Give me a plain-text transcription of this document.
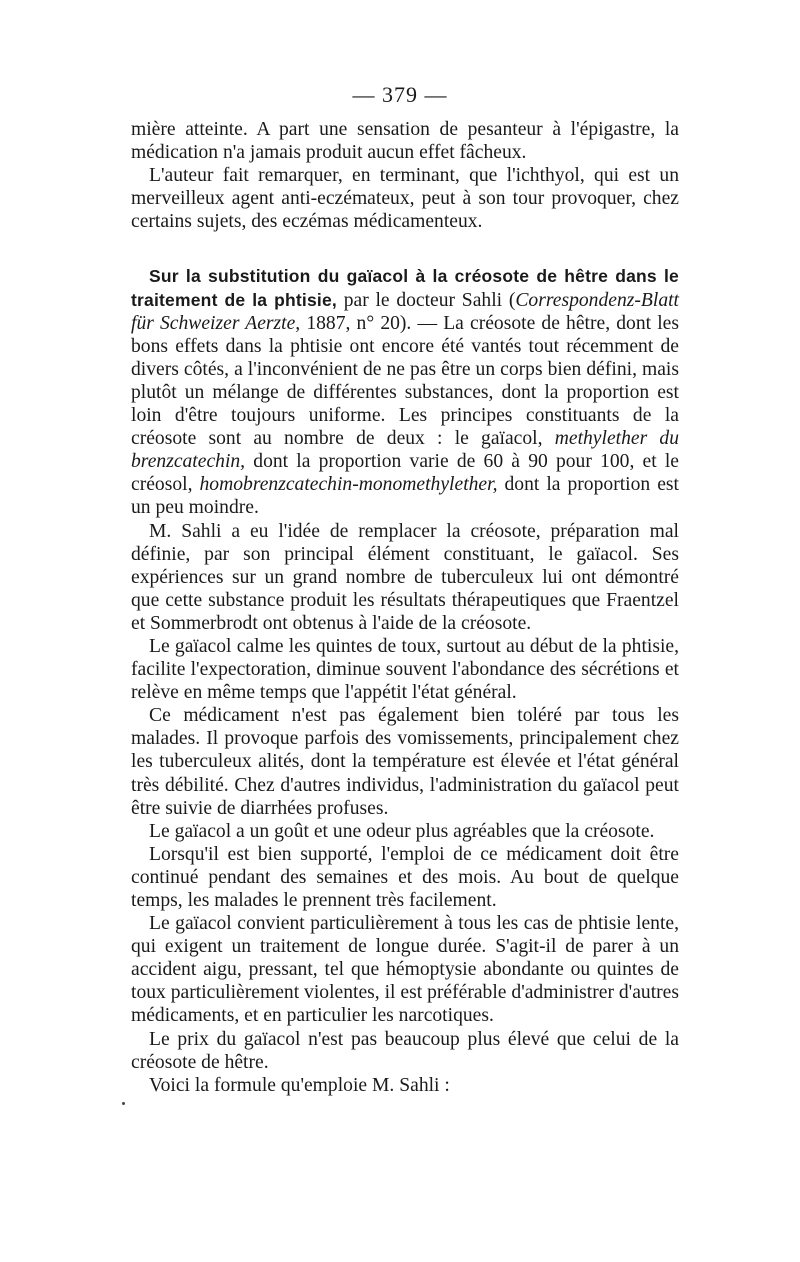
— 379 —

mière atteinte. A part une sensation de pesanteur à l'épigastre, la médication n'a jamais produit aucun effet fâcheux.

L'auteur fait remarquer, en terminant, que l'ichthyol, qui est un merveilleux agent anti-eczémateux, peut à son tour provoquer, chez certains sujets, des eczémas médicamenteux.

Sur la substitution du gaïacol à la créosote de hêtre dans le traitement de la phtisie, par le docteur Sahli (Correspondenz-Blatt für Schweizer Aerzte, 1887, n° 20). — La créosote de hêtre, dont les bons effets dans la phtisie ont encore été vantés tout récemment de divers côtés, a l'inconvénient de ne pas être un corps bien défini, mais plutôt un mélange de différentes substances, dont la proportion est loin d'être toujours uniforme. Les principes constituants de la créosote sont au nombre de deux : le gaïacol, methylether du brenzcatechin, dont la proportion varie de 60 à 90 pour 100, et le créosol, homobrenzcatechin-monomethylether, dont la proportion est un peu moindre.

M. Sahli a eu l'idée de remplacer la créosote, préparation mal définie, par son principal élément constituant, le gaïacol. Ses expériences sur un grand nombre de tuberculeux lui ont démontré que cette substance produit les résultats thérapeutiques que Fraentzel et Sommerbrodt ont obtenus à l'aide de la créosote.

Le gaïacol calme les quintes de toux, surtout au début de la phtisie, facilite l'expectoration, diminue souvent l'abondance des sécrétions et relève en même temps que l'appétit l'état général.

Ce médicament n'est pas également bien toléré par tous les malades. Il provoque parfois des vomissements, principalement chez les tuberculeux alités, dont la température est élevée et l'état général très débilité. Chez d'autres individus, l'administration du gaïacol peut être suivie de diarrhées profuses.

Le gaïacol a un goût et une odeur plus agréables que la créosote.

Lorsqu'il est bien supporté, l'emploi de ce médicament doit être continué pendant des semaines et des mois. Au bout de quelque temps, les malades le prennent très facilement.

Le gaïacol convient particulièrement à tous les cas de phtisie lente, qui exigent un traitement de longue durée. S'agit-il de parer à un accident aigu, pressant, tel que hémoptysie abondante ou quintes de toux particulièrement violentes, il est préférable d'administrer d'autres médicaments, et en particulier les narcotiques.

Le prix du gaïacol n'est pas beaucoup plus élevé que celui de la créosote de hêtre.

Voici la formule qu'emploie M. Sahli :
